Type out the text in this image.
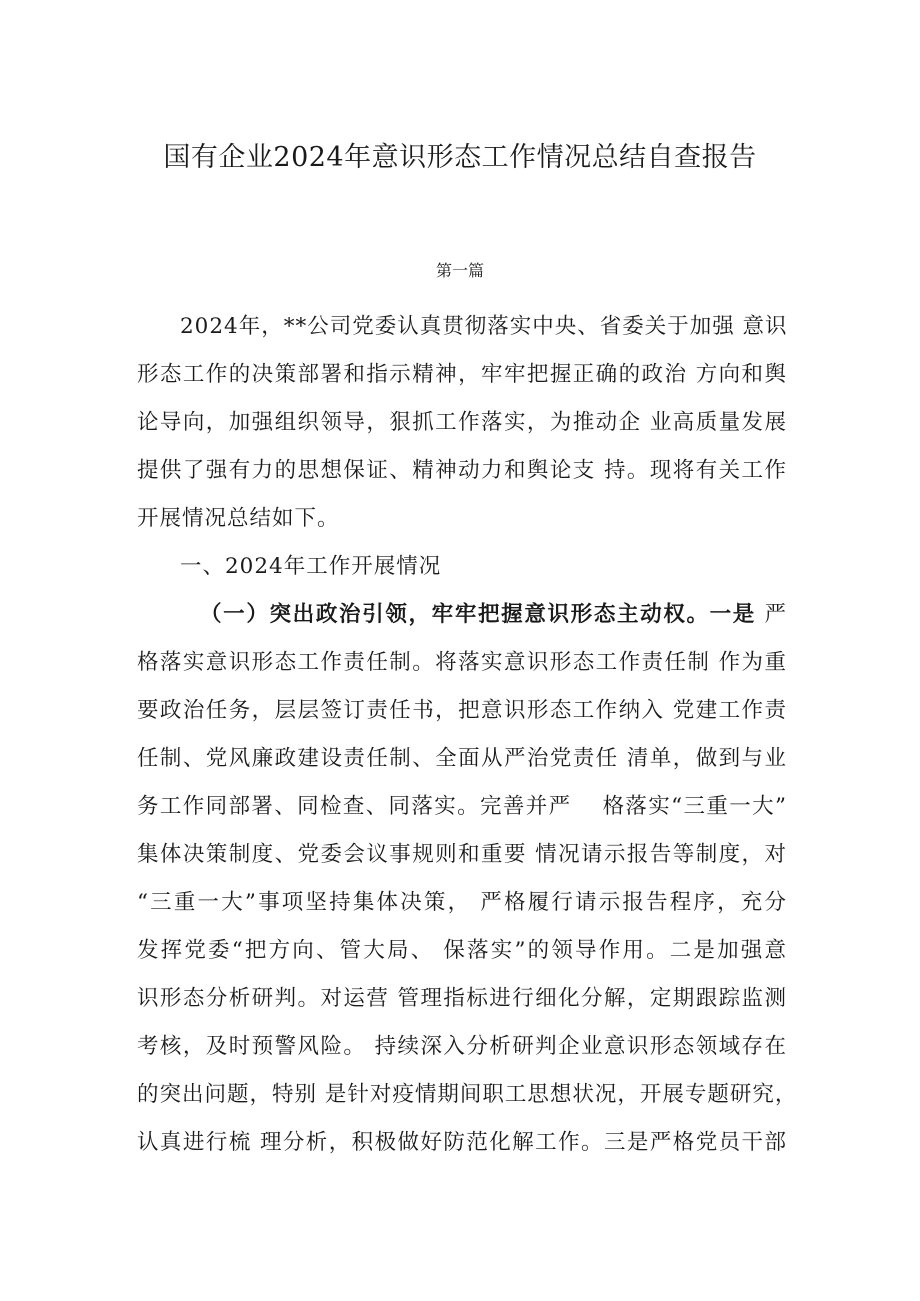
国有企业2024年意识形态工作情况总结自查报告
第一篇
2024年，**公司党委认真贯彻落实中央、省委关于加强 意识
形态工作的决策部署和指示精神，牢牢把握正确的政治 方向和舆
论导向，加强组织领导，狠抓工作落实，为推动企 业高质量发展
提供了强有力的思想保证、精神动力和舆论支 持。现将有关工作
开展情况总结如下。
一、2024年工作开展情况
（一）突出政治引领，牢牢把握意识形态主动权。一是 严
格落实意识形态工作责任制。将落实意识形态工作责任制 作为重
要政治任务，层层签订责任书，把意识形态工作纳入 党建工作责
任制、党风廉政建设责任制、全面从严治党责任 清单，做到与业
务工作同部署、同检查、同落实。完善并严　 格落实“三重一大”
集体决策制度、党委会议事规则和重要 情况请示报告等制度，对
“三重一大”事项坚持集体决策， 严格履行请示报告程序，充分
发挥党委“把方向、管大局、 保落实”的领导作用。二是加强意
识形态分析研判。对运营 管理指标进行细化分解，定期跟踪监测
考核，及时预警风险。 持续深入分析研判企业意识形态领域存在
的突出问题，特别 是针对疫情期间职工思想状况，开展专题研究，
认真进行梳 理分析，积极做好防范化解工作。三是严格党员干部
